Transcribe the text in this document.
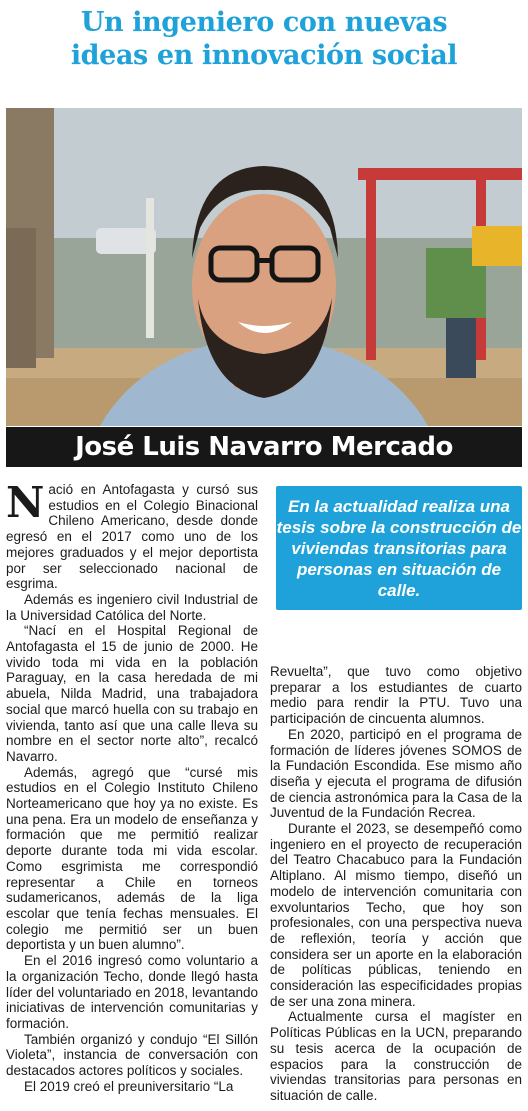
Un ingeniero con nuevas
ideas en innovación social
José Luis Navarro Mercado

Nació en Antofagasta y cursó sus estudios en el Colegio Binacional Chileno Americano, desde donde egresó en el 2017 como uno de los mejores graduados y el mejor deportista por ser seleccionado nacional de esgrima.

Además es ingeniero civil Industrial de la Universidad Católica del Norte.

“Nací en el Hospital Regional de Antofagasta el 15 de junio de 2000. He vivido toda mi vida en la población Paraguay, en la casa heredada de mi abuela, Nilda Madrid, una trabajadora social que marcó huella con su trabajo en vivienda, tanto así que una calle lleva su nombre en el sector norte alto”, recalcó Navarro.

Además, agregó que “cursé mis estudios en el Colegio Instituto Chileno Norteamericano que hoy ya no existe. Es una pena. Era un modelo de enseñanza y formación que me permitió realizar deporte durante toda mi vida escolar. Como esgrimista me correspondió representar a Chile en torneos sudamericanos, además de la liga escolar que tenía fechas mensuales. El colegio me permitió ser un buen deportista y un buen alumno”.

En el 2016 ingresó como voluntario a la organización Techo, donde llegó hasta líder del voluntariado en 2018, levantando iniciativas de intervención comunitarias y formación.

También organizó y condujo “El Sillón Violeta”, instancia de conversación con destacados actores políticos y sociales.

El 2019 creó el preuniversitario “La

En la actualidad realiza una tesis sobre la construcción de viviendas transitorias para personas en situación de calle.

Revuelta”, que tuvo como objetivo preparar a los estudiantes de cuarto medio para rendir la PTU. Tuvo una participación de cincuenta alumnos.

En 2020, participó en el programa de formación de líderes jóvenes SOMOS de la Fundación Escondida. Ese mismo año diseña y ejecuta el programa de difusión de ciencia astronómica para la Casa de la Juventud de la Fundación Recrea.

Durante el 2023, se desempeñó como ingeniero en el proyecto de recuperación del Teatro Chacabuco para la Fundación Altiplano. Al mismo tiempo, diseñó un modelo de intervención comunitaria con exvoluntarios Techo, que hoy son profesionales, con una perspectiva nueva de reflexión, teoría y acción que considera ser un aporte en la elaboración de políticas públicas, teniendo en consideración las especificidades propias de ser una zona minera.

Actualmente cursa el magíster en Políticas Públicas en la UCN, preparando su tesis acerca de la ocupación de espacios para la construcción de viviendas transitorias para personas en situación de calle.
